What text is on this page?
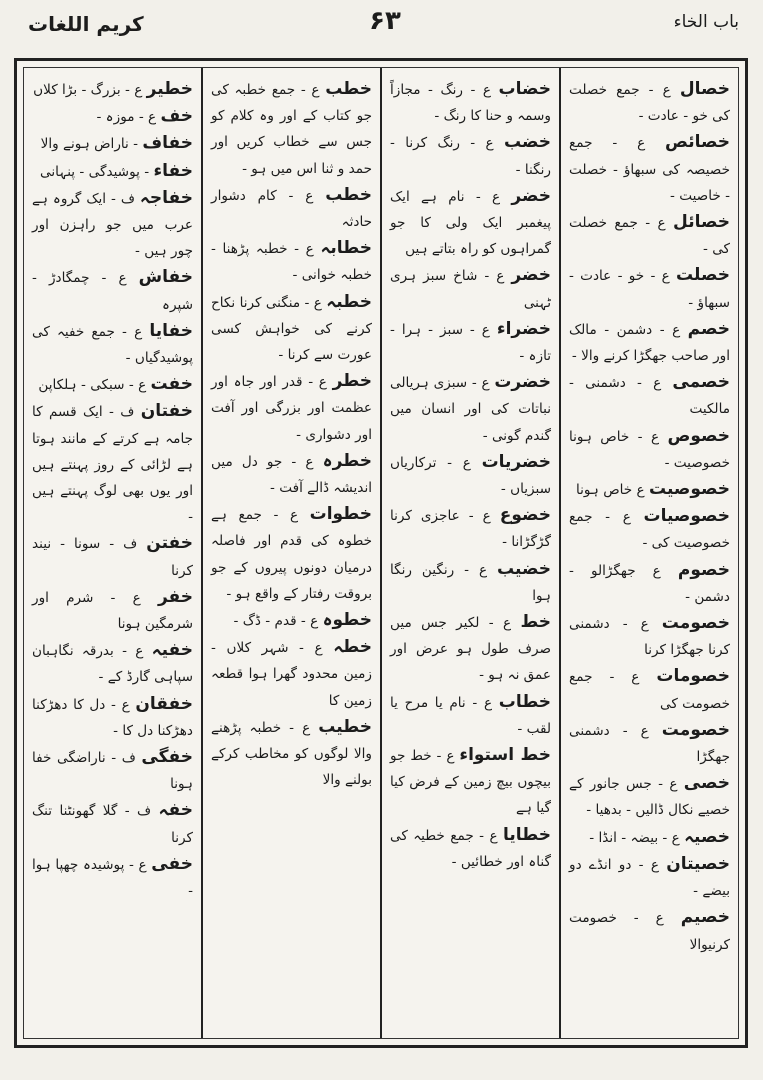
کریم اللغات	۶۳	باب الخاء
خصال ع - جمع خصلت کی خو - عادت -
خصائص ع - جمع خصیصہ کی سبھاؤ - خصلت - خاصیت -
خصائل ع - جمع خصلت کی -
خصلت ع - خو - عادت - سبھاؤ -
خصم ع - دشمن - مالک اور صاحب جھگڑا کرنے والا -
خصمی ع - دشمنی - مالکیت
خصوص ع - خاص ہونا خصوصیت -
خصوصیت ع خاص ہونا
خصوصیات ع - جمع خصوصیت کی -
خصوم ع جھگڑالو - دشمن -
خصومت ع - دشمنی کرنا جھگڑا کرنا
خصومات ع - جمع خصومت کی
خصومت ع - دشمنی جھگڑا
خصی ع - جس جانور کے خصیے نکال ڈالیں - بدھیا -
خصیہ ع - بیضہ - انڈا -
خصیتان ع - دو انڈے دو بیضے -
خصیم ع - خصومت کرنیوالا
خضاب ع - رنگ - مجازاً وسمہ و حنا کا رنگ -
خضب ع - رنگ کرنا - رنگنا -
خضر ع - نام ہے ایک پیغمبر ایک ولی کا جو گمراہوں کو راہ بتاتے ہیں
خضر ع - شاخ سبز ہری ٹہنی
خضراء ع - سبز - ہرا - تازہ -
خضرت ع - سبزی ہریالی نباتات کی اور انسان میں گندم گونی -
خضریات ع - ترکاریاں سبزیاں -
خضوع ع - عاجزی کرنا گڑگڑانا -
خضیب ع - رنگین رنگا ہوا
خط ع - لکیر جس میں صرف طول ہو عرض اور عمق نہ ہو -
خطاب ع - نام یا مرح یا لقب -
خط استواء ع - خط جو بیچوں بیچ زمین کے فرض کیا گیا ہے
خطایا ع - جمع خطیہ کی گناہ اور خطائیں -
خطب ع - جمع خطبہ کی جو کتاب کے اور وہ کلام کو جس سے خطاب کریں اور حمد و ثنا اس میں ہو -
خطب ع - کام دشوار حادثہ
خطابہ ع - خطبہ پڑھنا - خطبہ خوانی -
خطبہ ع - منگنی کرنا نکاح کرنے کی خواہش کسی عورت سے کرنا -
خطر ع - قدر اور جاہ اور عظمت اور بزرگی اور آفت اور دشواری -
خطرہ ع - جو دل میں اندیشہ ڈالے آفت -
خطوات ع - جمع ہے خطوہ کی قدم اور فاصلہ درمیان دونوں پیروں کے جو بروقت رفتار کے واقع ہو -
خطوہ ع - قدم - ڈگ -
خطہ ع - شہر کلاں - زمین محدود گھرا ہوا قطعہ زمین کا
خطیب ع - خطبہ پڑھنے والا لوگوں کو مخاطب کرکے بولنے والا
خطیر ع - بزرگ - بڑا کلاں
خف ع - موزہ -
خفاف - ناراض ہونے والا
خفاء - پوشیدگی - پنہانی
خفاجہ ف - ایک گروہ ہے عرب میں جو راہزن اور چور ہیں -
خفاش ع - چمگادڑ - شپرہ
خفایا ع - جمع خفیہ کی پوشیدگیاں -
خفت ع - سبکی - ہلکاپن
خفتان ف - ایک قسم کا جامہ ہے کرتے کے مانند ہوتا ہے لڑائی کے روز پہنتے ہیں اور یوں بھی لوگ پہنتے ہیں -
خفتن ف - سونا - نیند کرنا
خفر ع - شرم اور شرمگین ہونا
خفیہ ع - بدرقہ نگاہبان سپاہی گارڈ کے -
خفقان ع - دل کا دھڑکنا دھڑکنا دل کا -
خفگی ف - ناراضگی خفا ہونا
خفہ ف - گلا گھونٹنا تنگ کرنا
خفی ع - پوشیدہ چھپا ہوا -
